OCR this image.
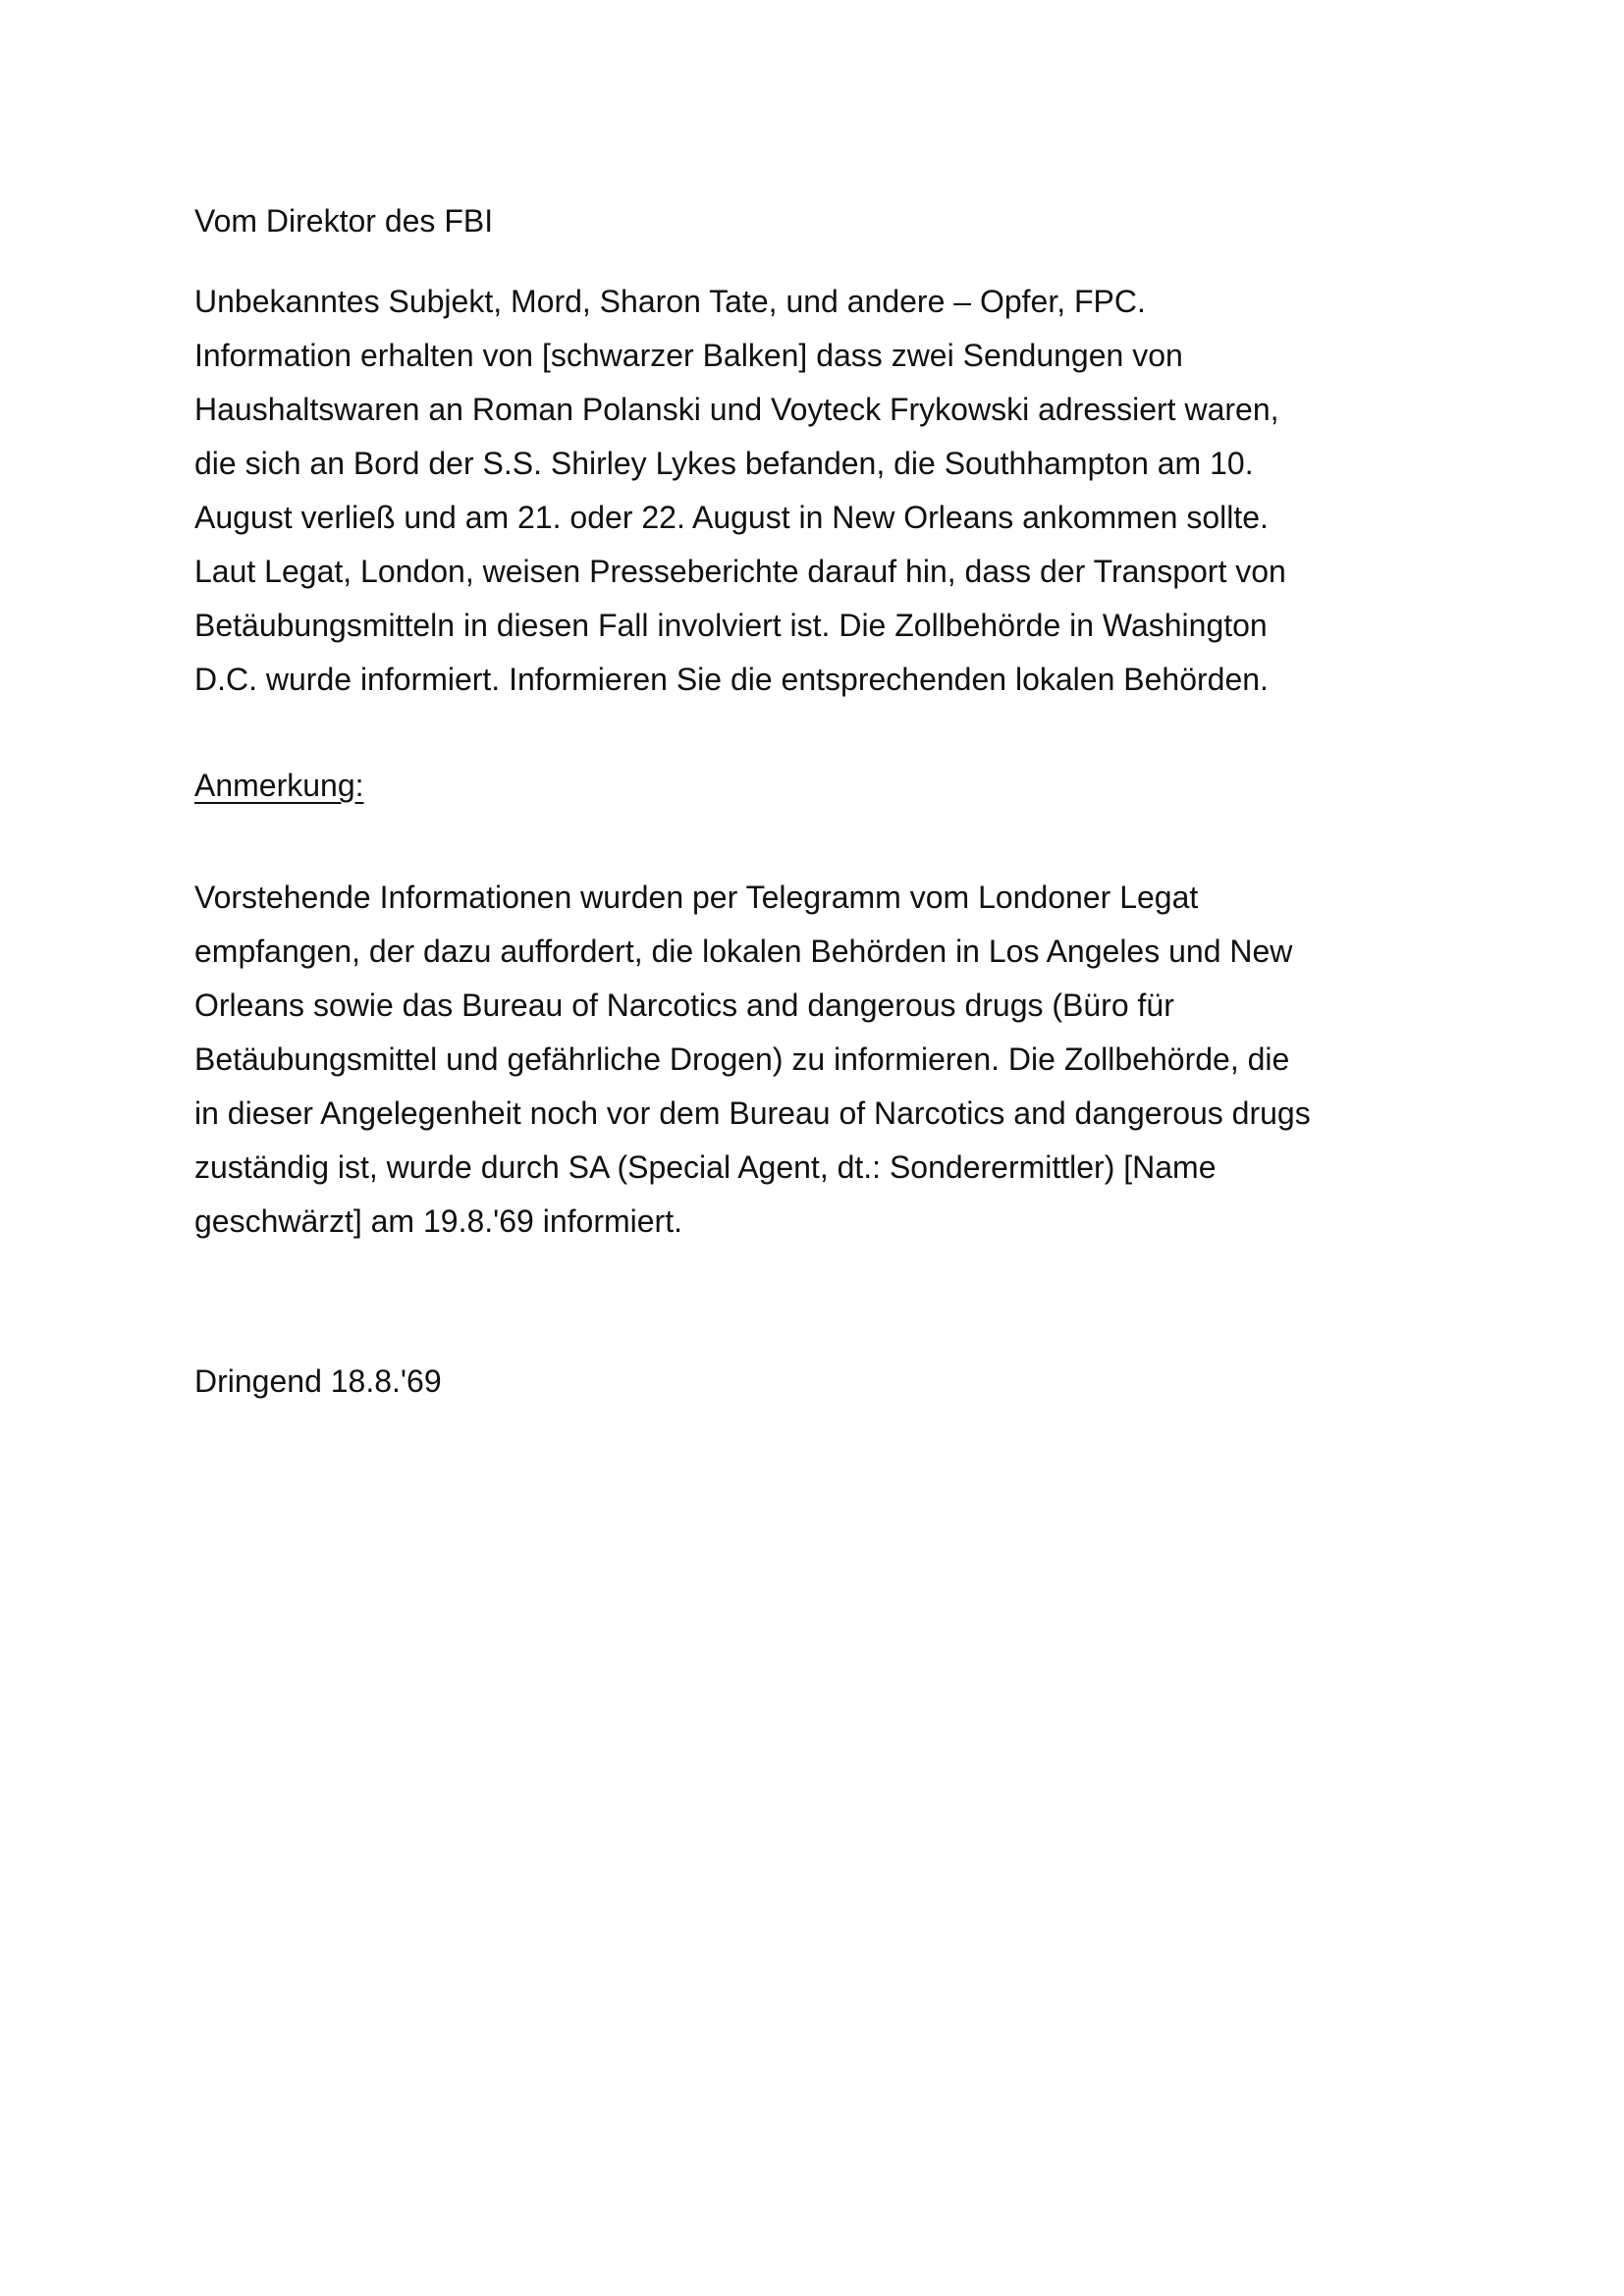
Vom Direktor des FBI
Unbekanntes Subjekt, Mord, Sharon Tate, und andere – Opfer, FPC.
Information erhalten von [schwarzer Balken] dass zwei Sendungen von
Haushaltswaren an Roman Polanski und Voyteck Frykowski adressiert waren,
die sich an Bord der S.S. Shirley Lykes befanden, die Southhampton am 10.
August verließ und am 21. oder 22. August in New Orleans ankommen sollte.
Laut Legat, London, weisen Presseberichte darauf hin, dass der Transport von
Betäubungsmitteln in diesen Fall involviert ist. Die Zollbehörde in Washington
D.C. wurde informiert. Informieren Sie die entsprechenden lokalen Behörden.
Anmerkung:
Vorstehende Informationen wurden per Telegramm vom Londoner Legat
empfangen, der dazu auffordert, die lokalen Behörden in Los Angeles und New
Orleans sowie das Bureau of Narcotics and dangerous drugs (Büro für
Betäubungsmittel und gefährliche Drogen) zu informieren. Die Zollbehörde, die
in dieser Angelegenheit noch vor dem Bureau of Narcotics and dangerous drugs
zuständig ist, wurde durch SA (Special Agent, dt.: Sonderermittler) [Name
geschwärzt] am 19.8.'69 informiert.
Dringend 18.8.'69
